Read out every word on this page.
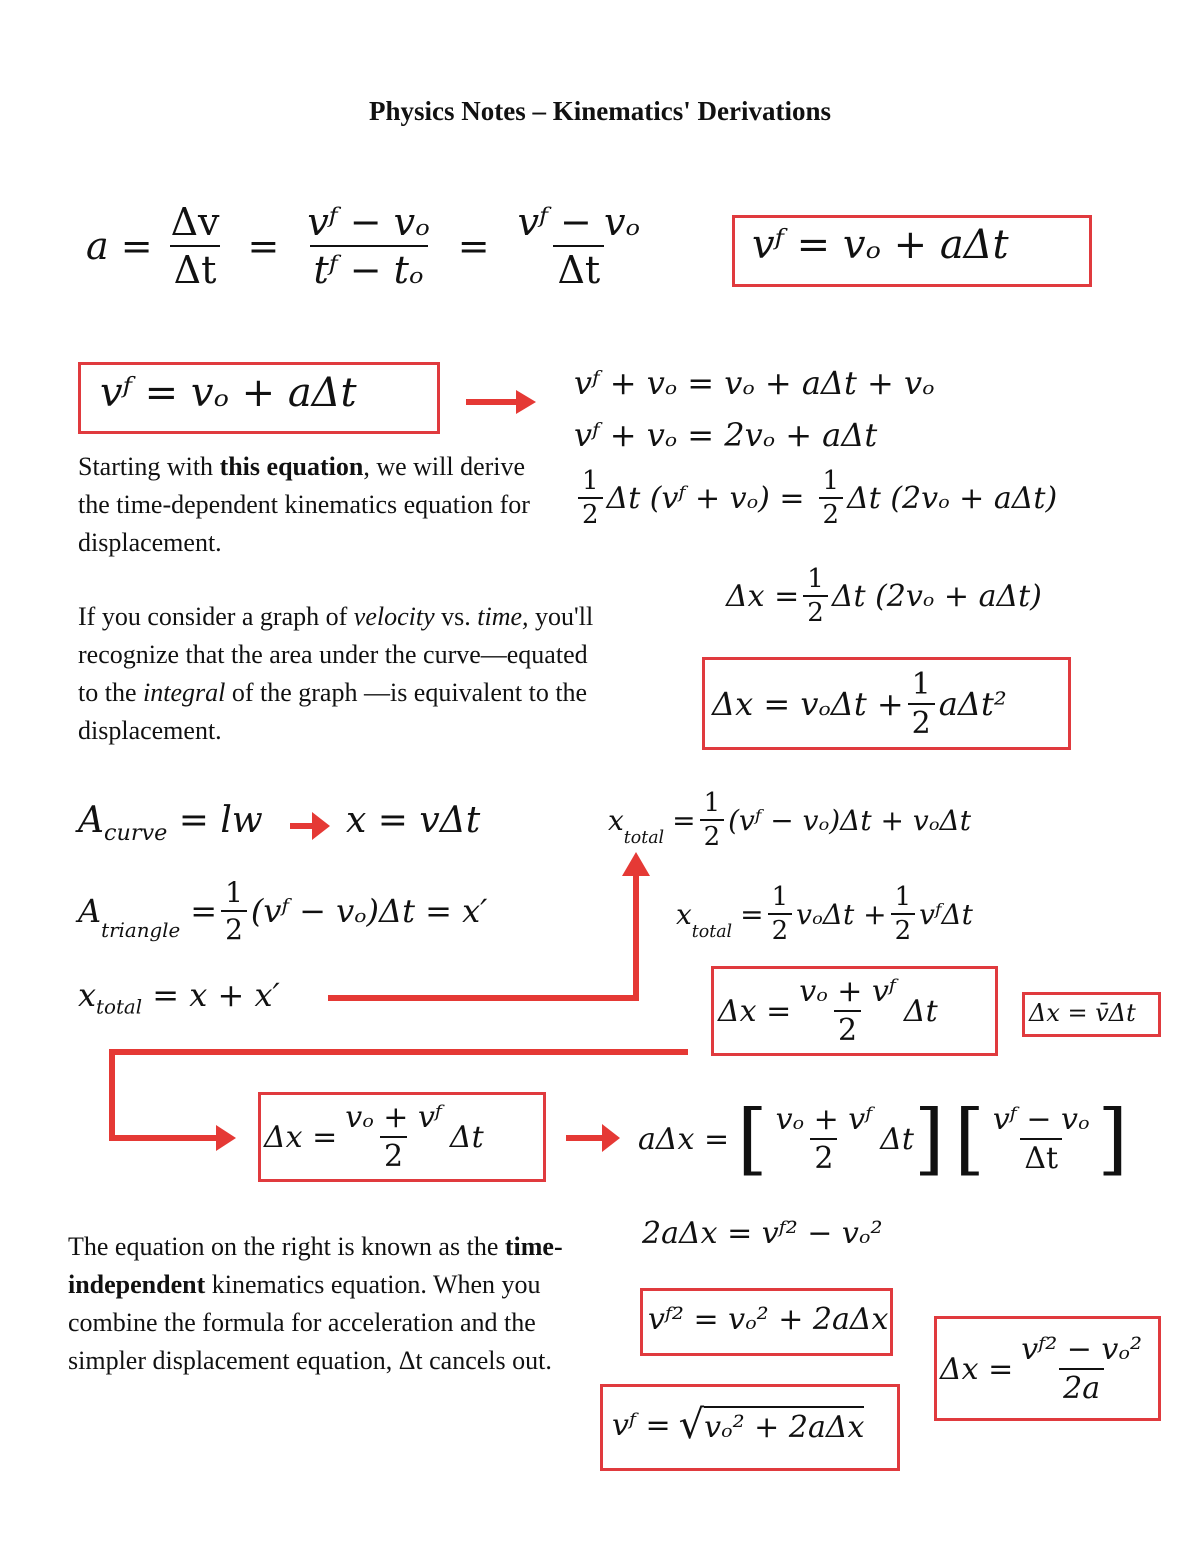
Physics Notes – Kinematics' Derivations
$a = \frac{\Delta v}{\Delta t} = \frac{\text{vᶠ − vₒ}}{\text{tᶠ − tₒ}} = \frac{\text{vᶠ − vₒ}}{\Delta t}$	vᶠ = vₒ + aΔt
vᶠ = vₒ + aΔt	vᶠ + vₒ = vₒ + aΔt + vₒ
vᶠ + vₒ = 2vₒ + aΔt
$\frac{1}{2}$ Δt (vᶠ + $v_o) = \frac{1}{2}$ Δt (2vₒ + aΔt)
$\Delta x = \frac{1}{2}$ Δt (2vₒ + aΔt)
$\Delta x = v_o\Delta t + \frac{1}{2} a\Delta t^2$
Starting with this equation, we will derive the time-dependent kinematics equation for displacement.
If you consider a graph of velocity vs. time, you'll recognize that the area under the curve—equated to the integral of the graph —is equivalent to the displacement.
$A_{curve}$ = lw x = vΔt
A
$_{triangle}$
= $\frac{1}{2}$ (vᶠ − vₒ)Δt = x′
$x_{total} = x + x'$
x
$_{total}$
= $\frac{1}{2}$ (vᶠ − vₒ)Δt + vₒΔt
x
$_{total}$
= $\frac{1}{2}$ $v_o\Delta t + \frac{1}{2}$ vᶠΔt
$\Delta x = \frac{\text{vₒ + vᶠ}}{2}$ Δt	Δx = v̄Δt
$\Delta x = \frac{\text{vₒ + vᶠ}}{2}$ Δt	aΔx = [ $\frac{\text{vₒ + vᶠ}}{2}$ Δt ] [ $\frac{\text{vᶠ − vₒ}}{\Delta t}$ ]
2aΔx = vᶠ² − vₒ²
vᶠ² = vₒ² + 2aΔx
$\Delta x = \frac{\text{vᶠ² − vₒ²}}{2a}$
vᶠ = √ vₒ² + 2aΔx
The equation on the right is known as the time-independent kinematics equation. When you combine the formula for acceleration and the simpler displacement equation, Δt cancels out.
